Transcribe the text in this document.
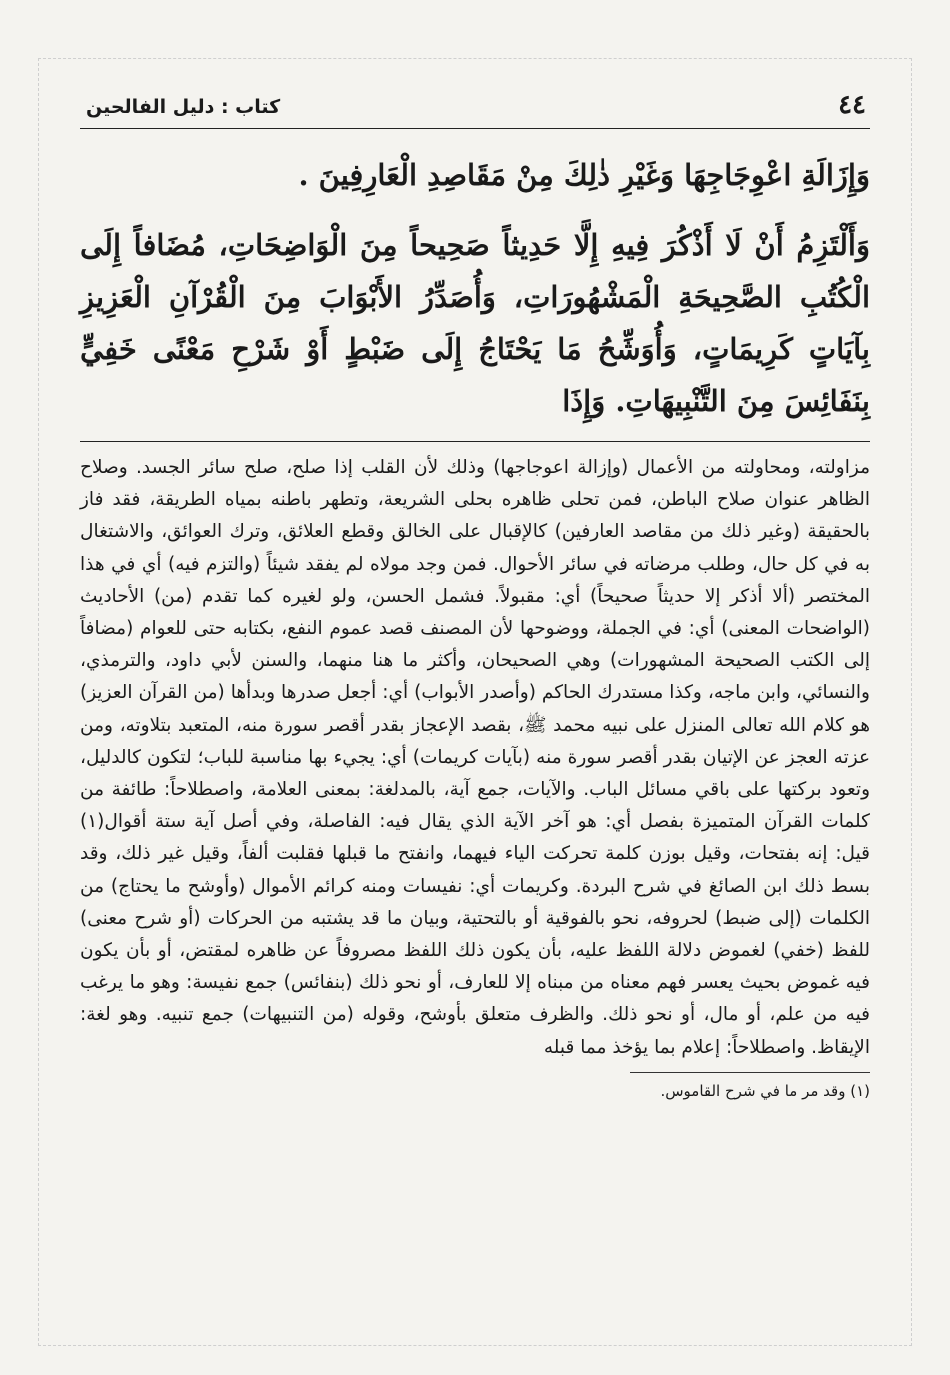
٤٤
كتاب : دليل الفالحين

وَإِزَالَةِ اعْوِجَاجِهَا وَغَيْرِ ذٰلِكَ مِنْ مَقَاصِدِ الْعَارِفِينَ .

وَأَلْتَزِمُ أَنْ لَا أَذْكُرَ فِيهِ إِلَّا حَدِيثاً صَحِيحاً مِنَ الْوَاضِحَاتِ، مُضَافاً إِلَى الْكُتُبِ الصَّحِيحَةِ الْمَشْهُورَاتِ، وَأُصَدِّرُ الأَبْوَابَ مِنَ الْقُرْآنِ الْعَزِيزِ بِآيَاتٍ كَرِيمَاتٍ، وَأُوَشِّحُ مَا يَحْتَاجُ إِلَى ضَبْطٍ أَوْ شَرْحِ مَعْنًى خَفِيٍّ بِنَفَائِسَ مِنَ التَّنْبِيهَاتِ. وَإِذَا

مزاولته، ومحاولته من الأعمال (وإزالة اعوجاجها) وذلك لأن القلب إذا صلح، صلح سائر الجسد. وصلاح الظاهر عنوان صلاح الباطن، فمن تحلى ظاهره بحلى الشريعة، وتطهر باطنه بمياه الطريقة، فقد فاز بالحقيقة (وغير ذلك من مقاصد العارفين) كالإقبال على الخالق وقطع العلائق، وترك العوائق، والاشتغال به في كل حال، وطلب مرضاته في سائر الأحوال. فمن وجد مولاه لم يفقد شيئاً (والتزم فيه) أي في هذا المختصر (ألا أذكر إلا حديثاً صحيحاً) أي: مقبولاً. فشمل الحسن، ولو لغيره كما تقدم (من) الأحاديث (الواضحات المعنى) أي: في الجملة، ووضوحها لأن المصنف قصد عموم النفع، بكتابه حتى للعوام (مضافاً إلى الكتب الصحيحة المشهورات) وهي الصحيحان، وأكثر ما هنا منهما، والسنن لأبي داود، والترمذي، والنسائي، وابن ماجه، وكذا مستدرك الحاكم (وأصدر الأبواب) أي: أجعل صدرها وبدأها (من القرآن العزيز) هو كلام الله تعالى المنزل على نبيه محمد ﷺ، بقصد الإعجاز بقدر أقصر سورة منه، المتعبد بتلاوته، ومن عزته العجز عن الإتيان بقدر أقصر سورة منه (بآيات كريمات) أي: يجيء بها مناسبة للباب؛ لتكون كالدليل، وتعود بركتها على باقي مسائل الباب. والآيات، جمع آية، بالمدلغة: بمعنى العلامة، واصطلاحاً: طائفة من كلمات القرآن المتميزة بفصل أي: هو آخر الآية الذي يقال فيه: الفاصلة، وفي أصل آية ستة أقوال(١) قيل: إنه بفتحات، وقيل بوزن كلمة تحركت الياء فيهما، وانفتح ما قبلها فقلبت ألفاً، وقيل غير ذلك، وقد بسط ذلك ابن الصائغ في شرح البردة. وكريمات أي: نفيسات ومنه كرائم الأموال (وأوشح ما يحتاج) من الكلمات (إلى ضبط) لحروفه، نحو بالفوقية أو بالتحتية، وبيان ما قد يشتبه من الحركات (أو شرح معنى) للفظ (خفي) لغموض دلالة اللفظ عليه، بأن يكون ذلك اللفظ مصروفاً عن ظاهره لمقتض، أو بأن يكون فيه غموض بحيث يعسر فهم معناه من مبناه إلا للعارف، أو نحو ذلك (بنفائس) جمع نفيسة: وهو ما يرغب فيه من علم، أو مال، أو نحو ذلك. والظرف متعلق بأوشح، وقوله (من التنبيهات) جمع تنبيه. وهو لغة: الإيقاظ. واصطلاحاً: إعلام بما يؤخذ مما قبله

(١) وقد مر ما في شرح القاموس.
